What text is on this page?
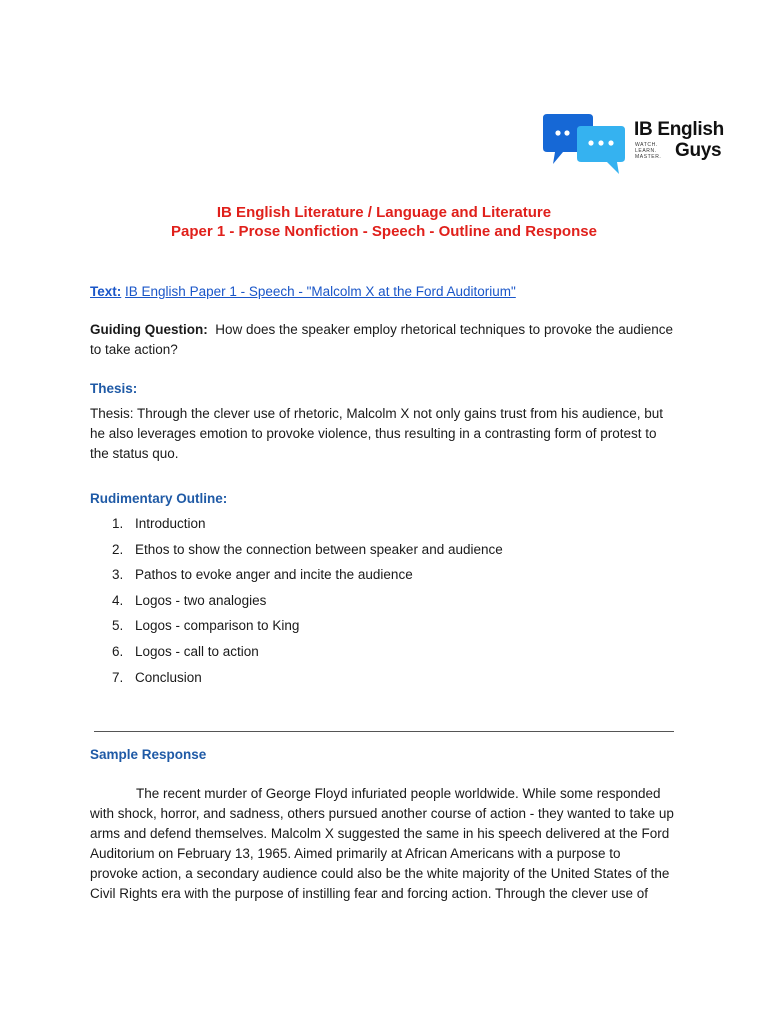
IB English
Guys
WATCH. LEARN. MASTER.
IB English Literature / Language and Literature
Paper 1 - Prose Nonfiction - Speech - Outline and Response
Text: IB English Paper 1 - Speech - "Malcolm X at the Ford Auditorium"
Guiding Question: How does the speaker employ rhetorical techniques to provoke the audience
to take action?
Thesis:
Thesis: Through the clever use of rhetoric, Malcolm X not only gains trust from his audience, but
he also leverages emotion to provoke violence, thus resulting in a contrasting form of protest to
the status quo.
Rudimentary Outline:
1. Introduction
2. Ethos to show the connection between speaker and audience
3. Pathos to evoke anger and incite the audience
4. Logos - two analogies
5. Logos - comparison to King
6. Logos - call to action
7. Conclusion
Sample Response
The recent murder of George Floyd infuriated people worldwide. While some responded
with shock, horror, and sadness, others pursued another course of action - they wanted to take up
arms and defend themselves. Malcolm X suggested the same in his speech delivered at the Ford
Auditorium on February 13, 1965. Aimed primarily at African Americans with a purpose to
provoke action, a secondary audience could also be the white majority of the United States of the
Civil Rights era with the purpose of instilling fear and forcing action. Through the clever use of
